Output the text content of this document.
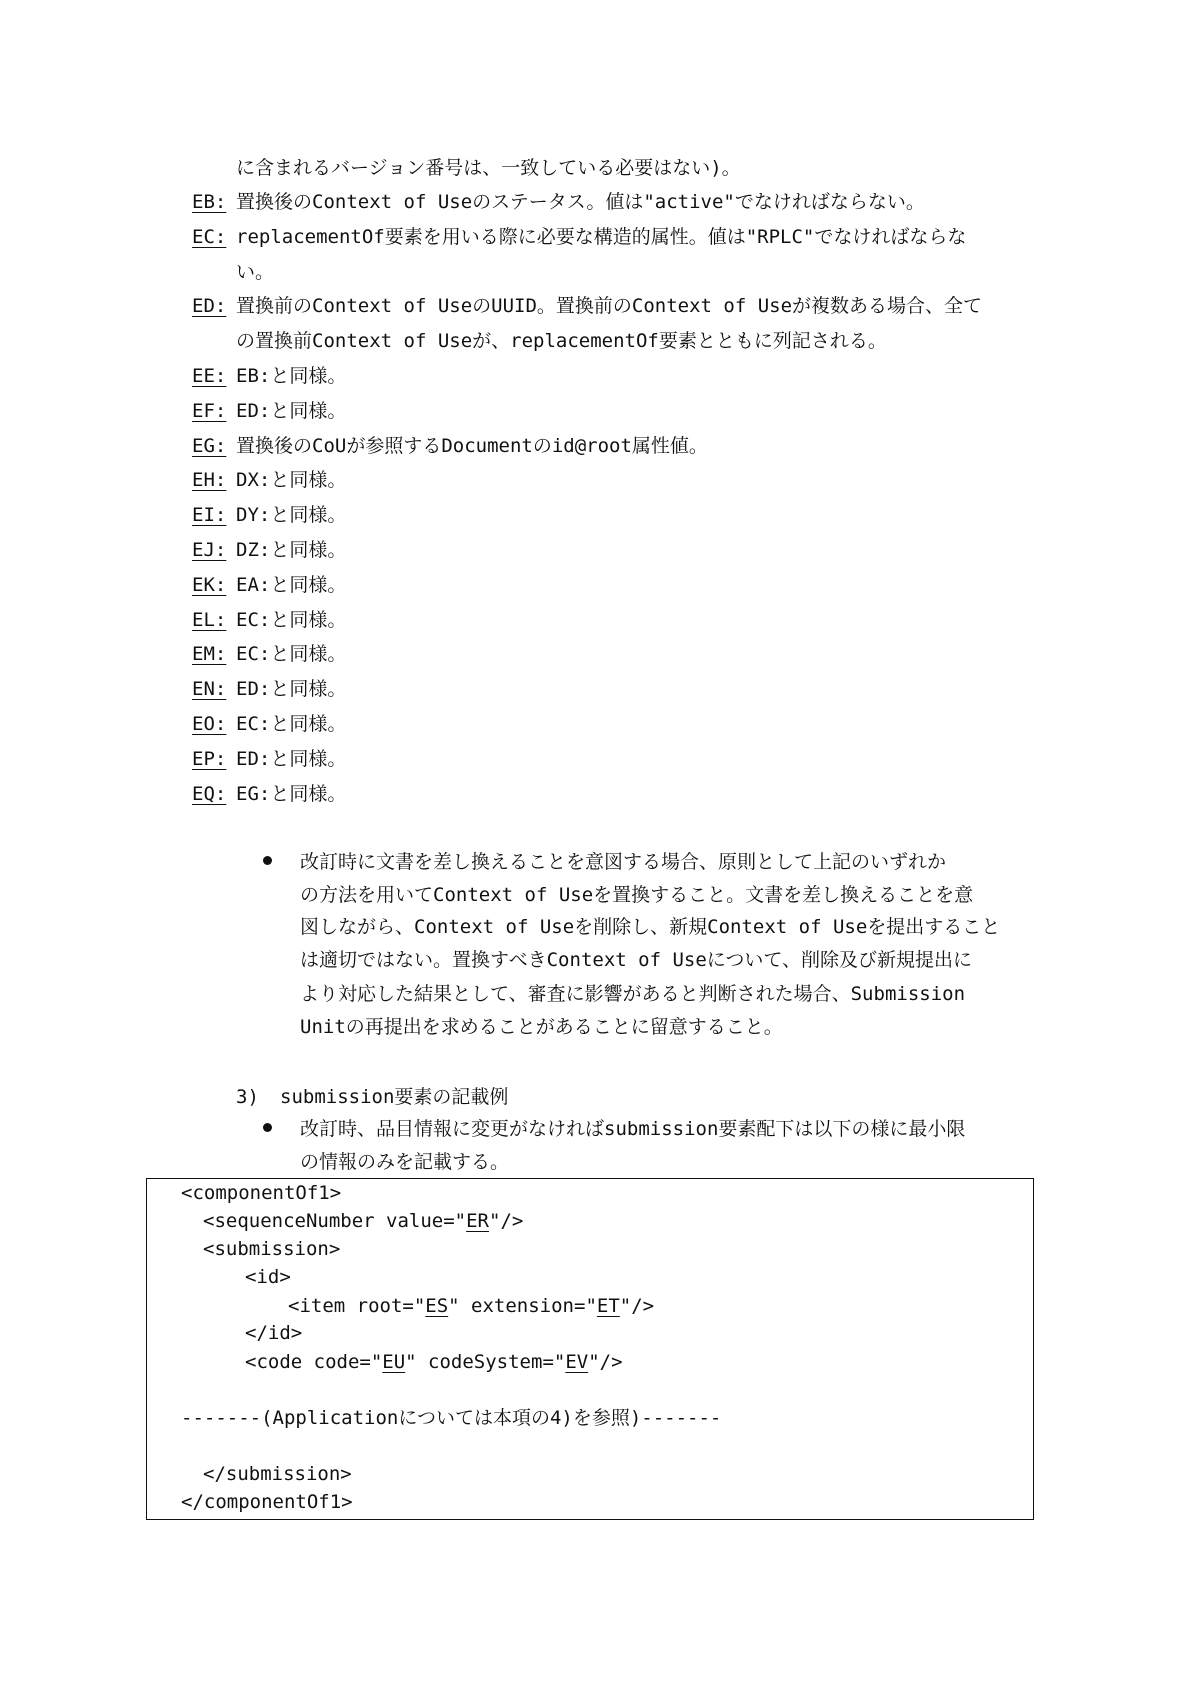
に含まれるバージョン番号は、一致している必要はない)。
EB: 置換後のContext of Useのステータス。値は"active"でなければならない。
EC: replacementOf要素を用いる際に必要な構造的属性。値は"RPLC"でなければならな
い。
ED: 置換前のContext of UseのUUID。置換前のContext of Useが複数ある場合、全て
の置換前Context of Useが、replacementOf要素とともに列記される。
EE: EB:と同様。
EF: ED:と同様。
EG: 置換後のCoUが参照するDocumentのid@root属性値。
EH: DX:と同様。
EI: DY:と同様。
EJ: DZ:と同様。
EK: EA:と同様。
EL: EC:と同様。
EM: EC:と同様。
EN: ED:と同様。
EO: EC:と同様。
EP: ED:と同様。
EQ: EG:と同様。
改訂時に文書を差し換えることを意図する場合、原則として上記のいずれか
の方法を用いてContext of Useを置換すること。文書を差し換えることを意
図しながら、Context of Useを削除し、新規Context of Useを提出すること
は適切ではない。置換すべきContext of Useについて、削除及び新規提出に
より対応した結果として、審査に影響があると判断された場合、Submission
Unitの再提出を求めることがあることに留意すること。
3) submission要素の記載例
改訂時、品目情報に変更がなければsubmission要素配下は以下の様に最小限
の情報のみを記載する。
<componentOf1>
<sequenceNumber value="ER"/>
<submission>
<id>
<item root="ES" extension="ET"/>
</id>
<code code="EU" codeSystem="EV"/>
-------(Applicationについては本項の4)を参照)-------
</submission>
</componentOf1>
